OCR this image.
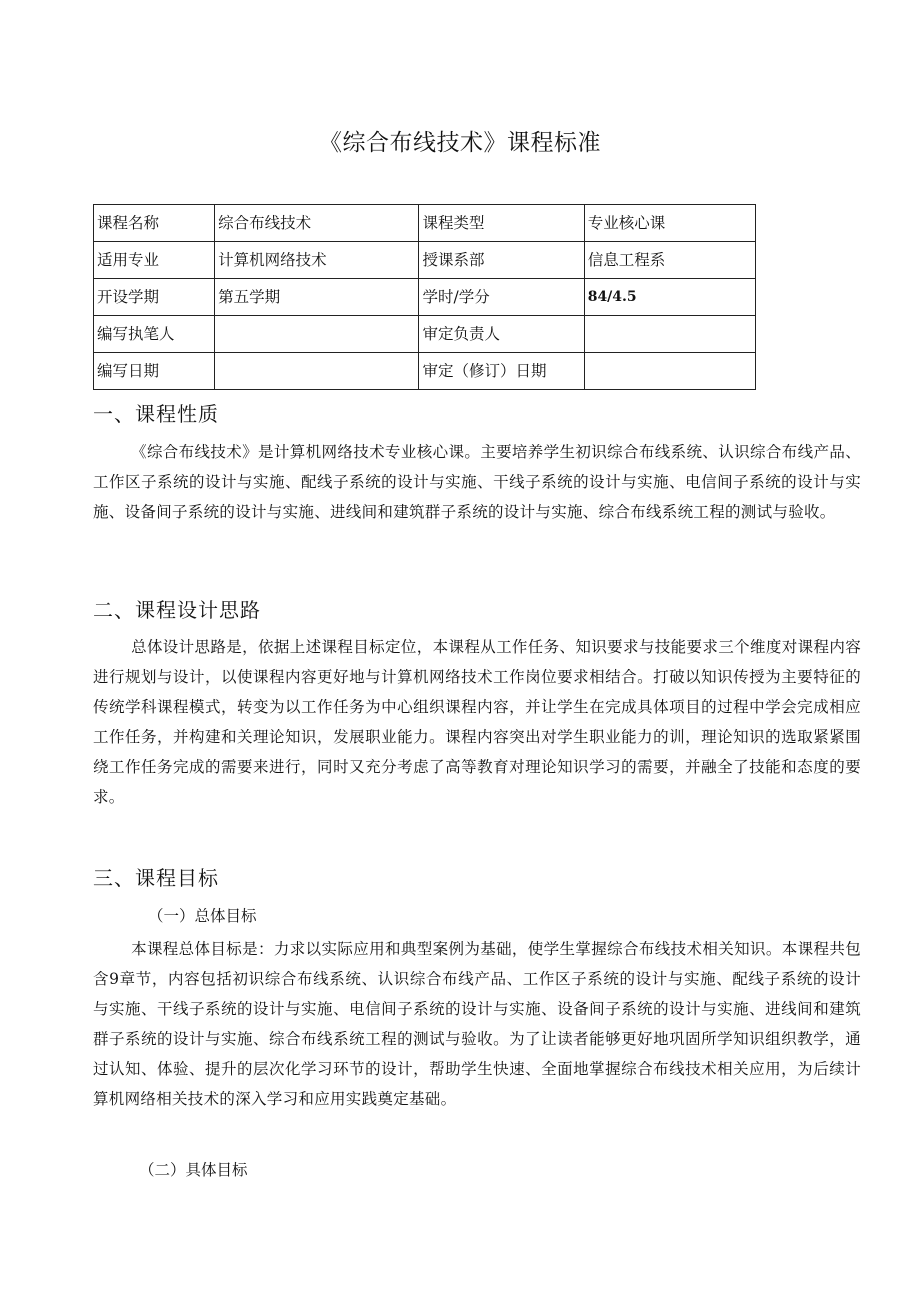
《综合布线技术》课程标准
课程名称	综合布线技术	课程类型	专业核心课
适用专业	计算机网络技术	授课系部	信息工程系
开设学期	第五学期	学时/学分	84/4.5
编写执笔人		审定负责人	
编写日期		审定（修订）日期	
一、课程性质
《综合布线技术》是计算机网络技术专业核心课。主要培养学生初识综合布线系统、认识综合布线产品、工作区子系统的设计与实施、配线子系统的设计与实施、干线子系统的设计与实施、电信间子系统的设计与实施、设备间子系统的设计与实施、进线间和建筑群子系统的设计与实施、综合布线系统工程的测试与验收。
二、课程设计思路
总体设计思路是，依据上述课程目标定位，本课程从工作任务、知识要求与技能要求三个维度对课程内容进行规划与设计，以使课程内容更好地与计算机网络技术工作岗位要求相结合。打破以知识传授为主要特征的传统学科课程模式，转变为以工作任务为中心组织课程内容，并让学生在完成具体项目的过程中学会完成相应工作任务，并构建和关理论知识，发展职业能力。课程内容突出对学生职业能力的训，理论知识的选取紧紧围绕工作任务完成的需要来进行，同时又充分考虑了高等教育对理论知识学习的需要，并融全了技能和态度的要求。
三、课程目标
（一）总体目标
本课程总体目标是：力求以实际应用和典型案例为基础，使学生掌握综合布线技术相关知识。本课程共包含9章节，内容包括初识综合布线系统、认识综合布线产品、工作区子系统的设计与实施、配线子系统的设计与实施、干线子系统的设计与实施、电信间子系统的设计与实施、设备间子系统的设计与实施、进线间和建筑群子系统的设计与实施、综合布线系统工程的测试与验收。为了让读者能够更好地巩固所学知识组织教学，通过认知、体验、提升的层次化学习环节的设计，帮助学生快速、全面地掌握综合布线技术相关应用，为后续计算机网络相关技术的深入学习和应用实践奠定基础。
（二）具体目标
